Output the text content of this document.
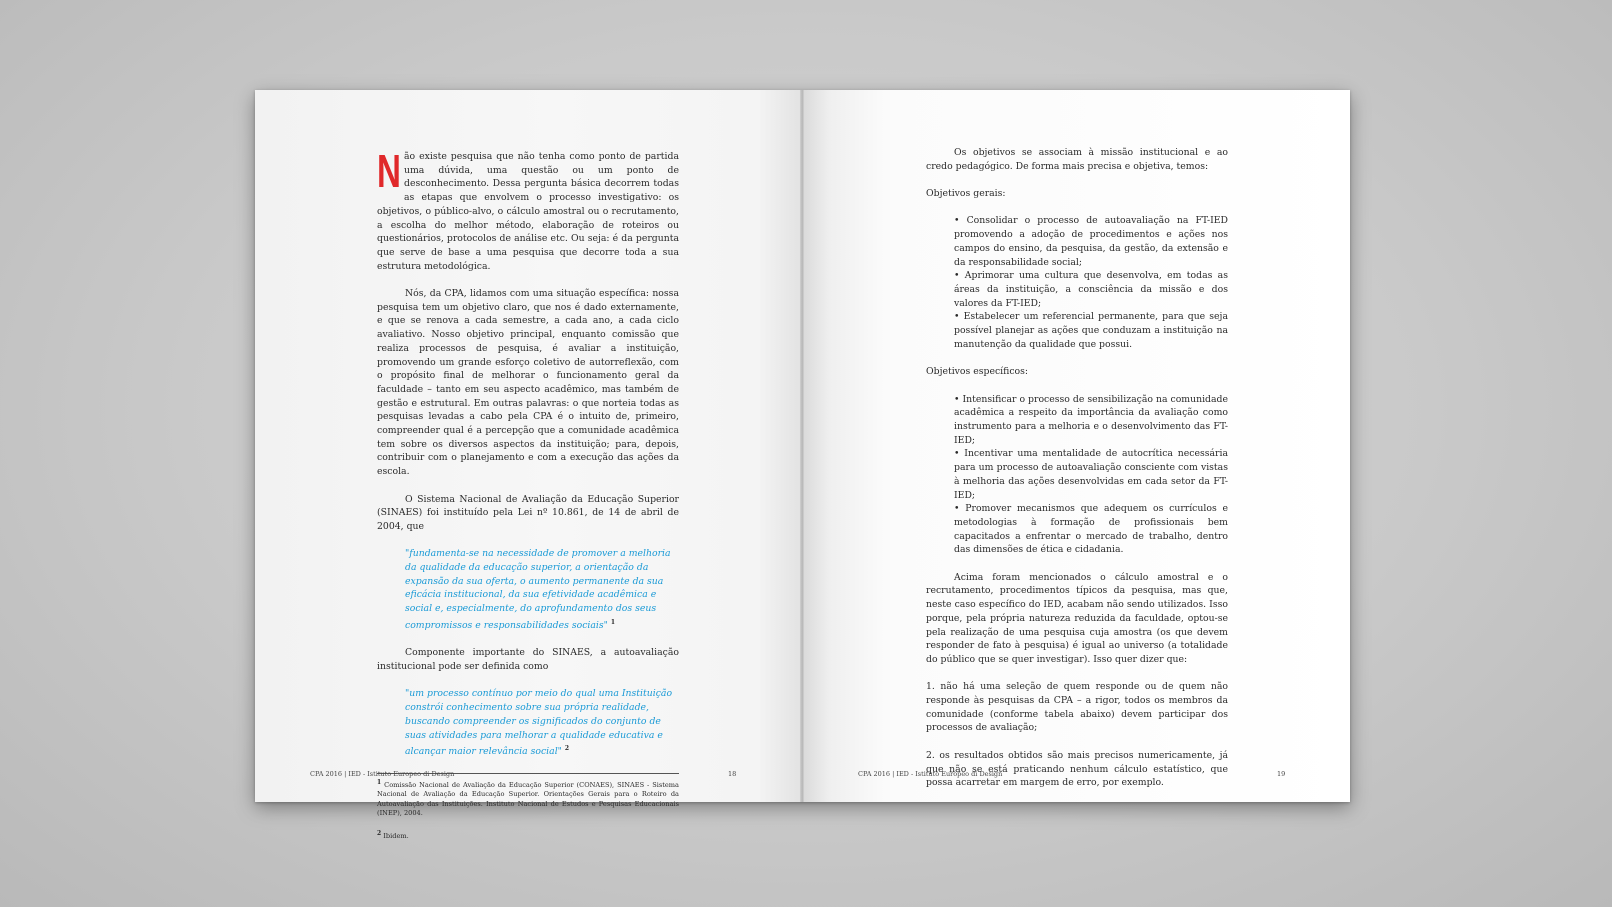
Não existe pesquisa que não tenha como ponto de partida uma dúvida, uma questão ou um ponto de desconhecimento. Dessa pergunta básica decorrem todas as etapas que envolvem o processo investigativo: os objetivos, o público-alvo, o cálculo amostral ou o recrutamento, a escolha do melhor método, elaboração de roteiros ou questionários, protocolos de análise etc. Ou seja: é da pergunta que serve de base a uma pesquisa que decorre toda a sua estrutura metodológica.

Nós, da CPA, lidamos com uma situação específica: nossa pesquisa tem um objetivo claro, que nos é dado externamente, e que se renova a cada semestre, a cada ano, a cada ciclo avaliativo. Nosso objetivo principal, enquanto comissão que realiza processos de pesquisa, é avaliar a instituição, promovendo um grande esforço coletivo de autorreflexão, com o propósito final de melhorar o funcionamento geral da faculdade – tanto em seu aspecto acadêmico, mas também de gestão e estrutural. Em outras palavras: o que norteia todas as pesquisas levadas a cabo pela CPA é o intuito de, primeiro, compreender qual é a percepção que a comunidade acadêmica tem sobre os diversos aspectos da instituição; para, depois, contribuir com o planejamento e com a execução das ações da escola.

O Sistema Nacional de Avaliação da Educação Superior (SINAES) foi instituído pela Lei nº 10.861, de 14 de abril de 2004, que

"fundamenta-se na necessidade de promover a melhoria da qualidade da educação superior, a orientação da expansão da sua oferta, o aumento permanente da sua eficácia institucional, da sua efetividade acadêmica e social e, especialmente, do aprofundamento dos seus compromissos e responsabilidades sociais" $^1$

Componente importante do SINAES, a autoavaliação institucional pode ser definida como

"um processo contínuo por meio do qual uma Instituição constrói conhecimento sobre sua própria realidade, buscando compreender os significados do conjunto de suas atividades para melhorar a qualidade educativa e alcançar maior relevância social" $^2$

1 Comissão Nacional de Avaliação da Educação Superior (CONAES), SINAES - Sistema Nacional de Avaliação da Educação Superior. Orientações Gerais para o Roteiro da Autoavaliação das Instituições. Instituto Nacional de Estudos e Pesquisas Educacionais (INEP), 2004.

2 Ibidem.

CPA 2016 | IED - Istituto Europeo di Design	18

Os objetivos se associam à missão institucional e ao credo pedagógico. De forma mais precisa e objetiva, temos:

Objetivos gerais:

• Consolidar o processo de autoavaliação na FT-IED promovendo a adoção de procedimentos e ações nos campos do ensino, da pesquisa, da gestão, da extensão e da responsabilidade social;

• Aprimorar uma cultura que desenvolva, em todas as áreas da instituição, a consciência da missão e dos valores da FT-IED;

• Estabelecer um referencial permanente, para que seja possível planejar as ações que conduzam a instituição na manutenção da qualidade que possui.

Objetivos específicos:

• Intensificar o processo de sensibilização na comunidade acadêmica a respeito da importância da avaliação como instrumento para a melhoria e o desenvolvimento das FT-IED;

• Incentivar uma mentalidade de autocrítica necessária para um processo de autoavaliação consciente com vistas à melhoria das ações desenvolvidas em cada setor da FT-IED;

• Promover mecanismos que adequem os currículos e metodologias à formação de profissionais bem capacitados a enfrentar o mercado de trabalho, dentro das dimensões de ética e cidadania.

Acima foram mencionados o cálculo amostral e o recrutamento, procedimentos típicos da pesquisa, mas que, neste caso específico do IED, acabam não sendo utilizados. Isso porque, pela própria natureza reduzida da faculdade, optou-se pela realização de uma pesquisa cuja amostra (os que devem responder de fato à pesquisa) é igual ao universo (a totalidade do público que se quer investigar). Isso quer dizer que:

1. não há uma seleção de quem responde ou de quem não responde às pesquisas da CPA – a rigor, todos os membros da comunidade (conforme tabela abaixo) devem participar dos processos de avaliação;

2. os resultados obtidos são mais precisos numericamente, já que não se está praticando nenhum cálculo estatístico, que possa acarretar em margem de erro, por exemplo.

CPA 2016 | IED - Istituto Europeo di Design	19
